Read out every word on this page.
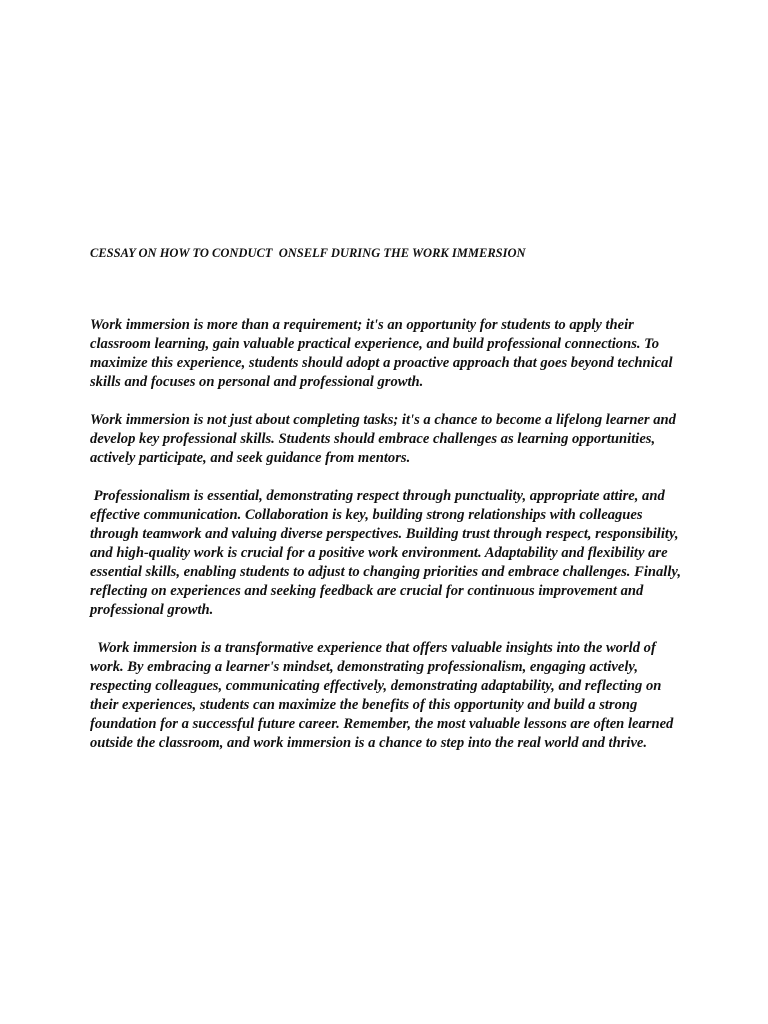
CESSAY ON HOW TO CONDUCT  ONSELF DURING THE WORK IMMERSION

Work immersion is more than a requirement; it's an opportunity for students to apply their classroom learning, gain valuable practical experience, and build professional connections. To maximize this experience, students should adopt a proactive approach that goes beyond technical skills and focuses on personal and professional growth.

Work immersion is not just about completing tasks; it's a chance to become a lifelong learner and develop key professional skills. Students should embrace challenges as learning opportunities, actively participate, and seek guidance from mentors.

Professionalism is essential, demonstrating respect through punctuality, appropriate attire, and effective communication. Collaboration is key, building strong relationships with colleagues through teamwork and valuing diverse perspectives. Building trust through respect, responsibility, and high-quality work is crucial for a positive work environment. Adaptability and flexibility are essential skills, enabling students to adjust to changing priorities and embrace challenges. Finally, reflecting on experiences and seeking feedback are crucial for continuous improvement and professional growth.

Work immersion is a transformative experience that offers valuable insights into the world of work. By embracing a learner's mindset, demonstrating professionalism, engaging actively, respecting colleagues, communicating effectively, demonstrating adaptability, and reflecting on their experiences, students can maximize the benefits of this opportunity and build a strong foundation for a successful future career. Remember, the most valuable lessons are often learned outside the classroom, and work immersion is a chance to step into the real world and thrive.
